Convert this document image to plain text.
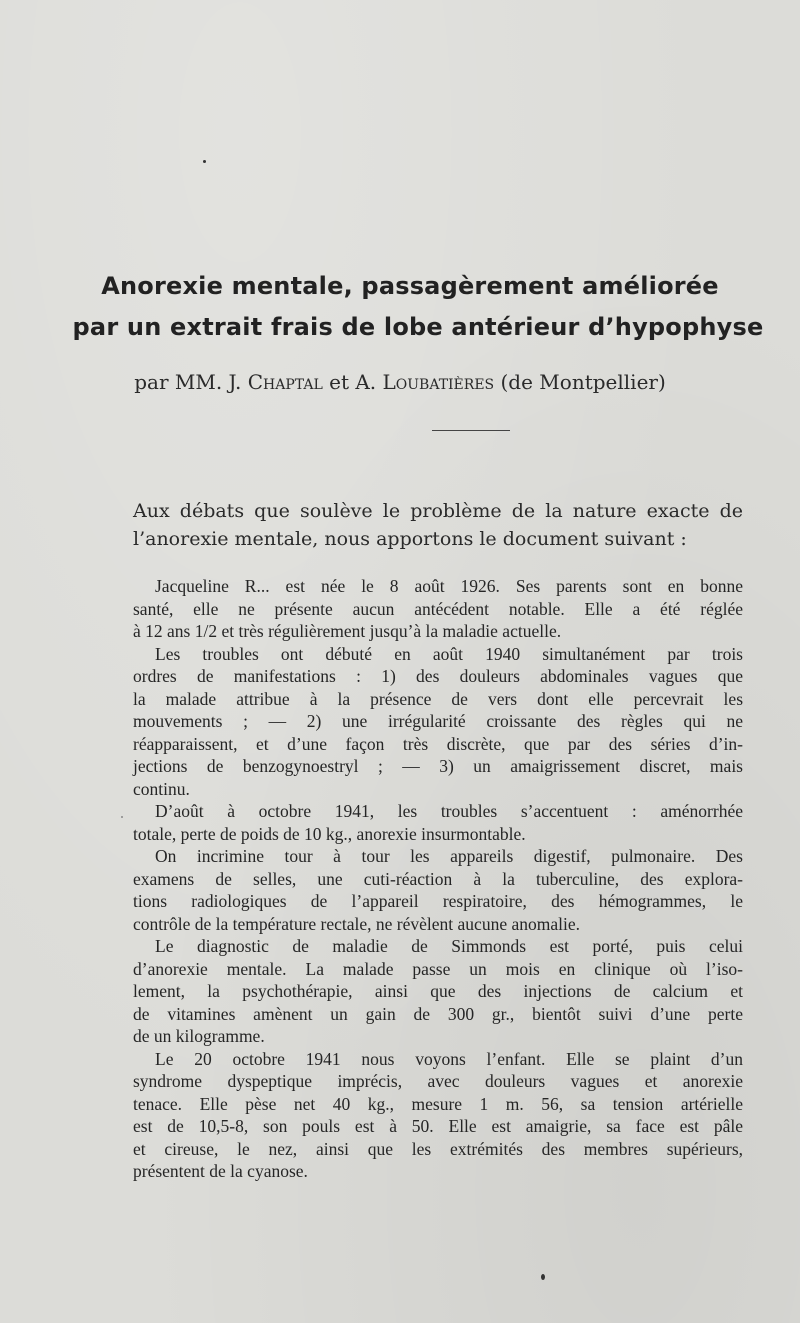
Anorexie mentale, passagèrement améliorée
par un extrait frais de lobe antérieur d’hypophyse
par MM. J. Chaptal et A. Loubatières (de Montpellier)
Aux débats que soulève le problème de la nature exacte de
l’anorexie mentale, nous apportons le document suivant :
Jacqueline R... est née le 8 août 1926. Ses parents sont en bonne
santé, elle ne présente aucun antécédent notable. Elle a été réglée
à 12 ans 1/2 et très régulièrement jusqu’à la maladie actuelle.
Les troubles ont débuté en août 1940 simultanément par trois
ordres de manifestations : 1) des douleurs abdominales vagues que
la malade attribue à la présence de vers dont elle percevrait les
mouvements ; — 2) une irrégularité croissante des règles qui ne
réapparaissent, et d’une façon très discrète, que par des séries d’in-
jections de benzogynoestryl ; — 3) un amaigrissement discret, mais
continu.
D’août à octobre 1941, les troubles s’accentuent : aménorrhée
totale, perte de poids de 10 kg., anorexie insurmontable.
On incrimine tour à tour les appareils digestif, pulmonaire. Des
examens de selles, une cuti-réaction à la tuberculine, des explora-
tions radiologiques de l’appareil respiratoire, des hémogrammes, le
contrôle de la température rectale, ne révèlent aucune anomalie.
Le diagnostic de maladie de Simmonds est porté, puis celui
d’anorexie mentale. La malade passe un mois en clinique où l’iso-
lement, la psychothérapie, ainsi que des injections de calcium et
de vitamines amènent un gain de 300 gr., bientôt suivi d’une perte
de un kilogramme.
Le 20 octobre 1941 nous voyons l’enfant. Elle se plaint d’un
syndrome dyspeptique imprécis, avec douleurs vagues et anorexie
tenace. Elle pèse net 40 kg., mesure 1 m. 56, sa tension artérielle
est de 10,5-8, son pouls est à 50. Elle est amaigrie, sa face est pâle
et cireuse, le nez, ainsi que les extrémités des membres supérieurs,
présentent de la cyanose.
